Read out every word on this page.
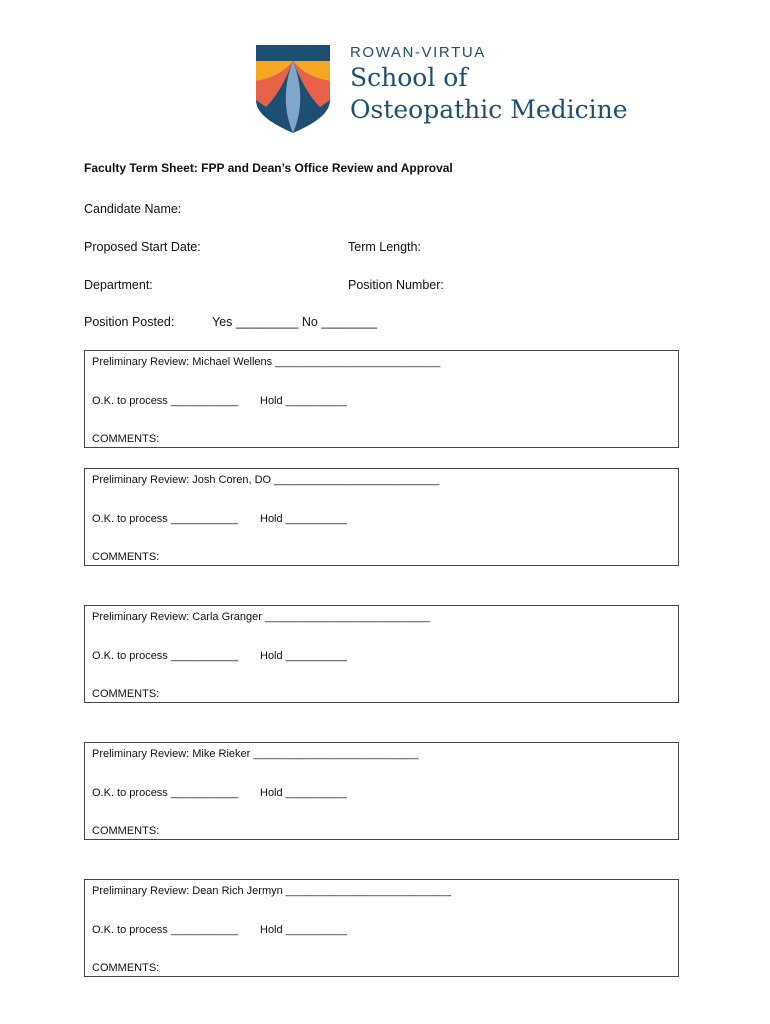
ROWAN-VIRTUA
School of
Osteopathic Medicine
Faculty Term Sheet: FPP and Dean’s Office Review and Approval
Candidate Name:
Proposed Start Date:	Term Length:
Department:	Position Number:
Position Posted:	Yes _________ No ________
Preliminary Review: Michael Wellens ___________________________
O.K. to process ___________ Hold __________
COMMENTS:
Preliminary Review: Josh Coren, DO ___________________________
O.K. to process ___________ Hold __________
COMMENTS:
Preliminary Review: Carla Granger ___________________________
O.K. to process ___________ Hold __________
COMMENTS:
Preliminary Review: Mike Rieker ___________________________
O.K. to process ___________ Hold __________
COMMENTS:
Preliminary Review: Dean Rich Jermyn ___________________________
O.K. to process ___________ Hold __________
COMMENTS:
